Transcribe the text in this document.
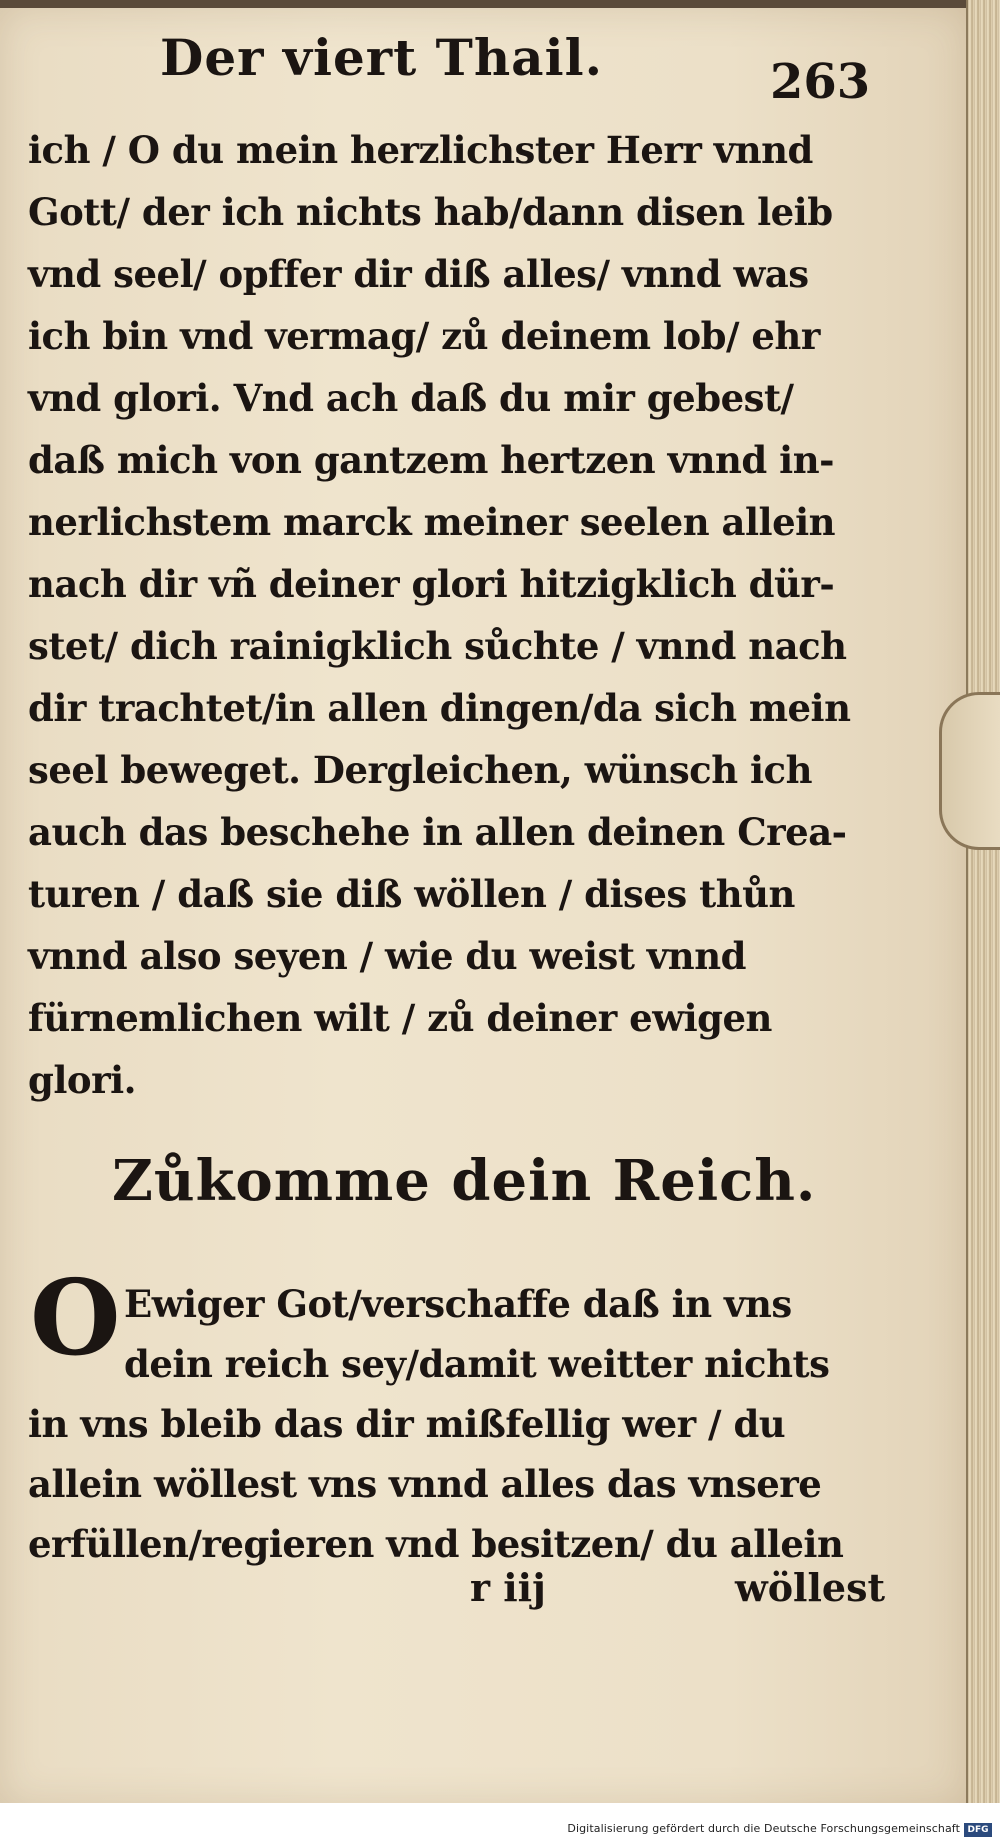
Der viert Thail.	263
ich / O du mein herzlichster Herr vnnd
Gott/ der ich nichts hab/dann disen leib
vnd seel/ opffer dir diß alles/ vnnd was
ich bin vnd vermag/ zů deinem lob/ ehr
vnd glori. Vnd ach daß du mir gebest/
daß mich von gantzem hertzen vnnd in-
nerlichstem marck meiner seelen allein
nach dir vñ deiner glori hitzigklich dür-
stet/ dich rainigklich sůchte / vnnd nach
dir trachtet/in allen dingen/da sich mein
seel beweget. Dergleichen, wünsch ich
auch das beschehe in allen deinen Crea-
turen / daß sie diß wöllen / dises thůn
vnnd also seyen / wie du weist vnnd
fürnemlichen wilt / zů deiner ewigen
glori.
Zůkomme dein Reich.
O Ewiger Got/verschaffe daß in vns
dein reich sey/damit weitter nichts
in vns bleib das dir mißfellig wer / du
allein wöllest vns vnnd alles das vnsere
erfüllen/regieren vnd besitzen/ du allein
r iij	wöllest
Digitalisierung gefördert durch die Deutsche Forschungsgemeinschaft DFG
